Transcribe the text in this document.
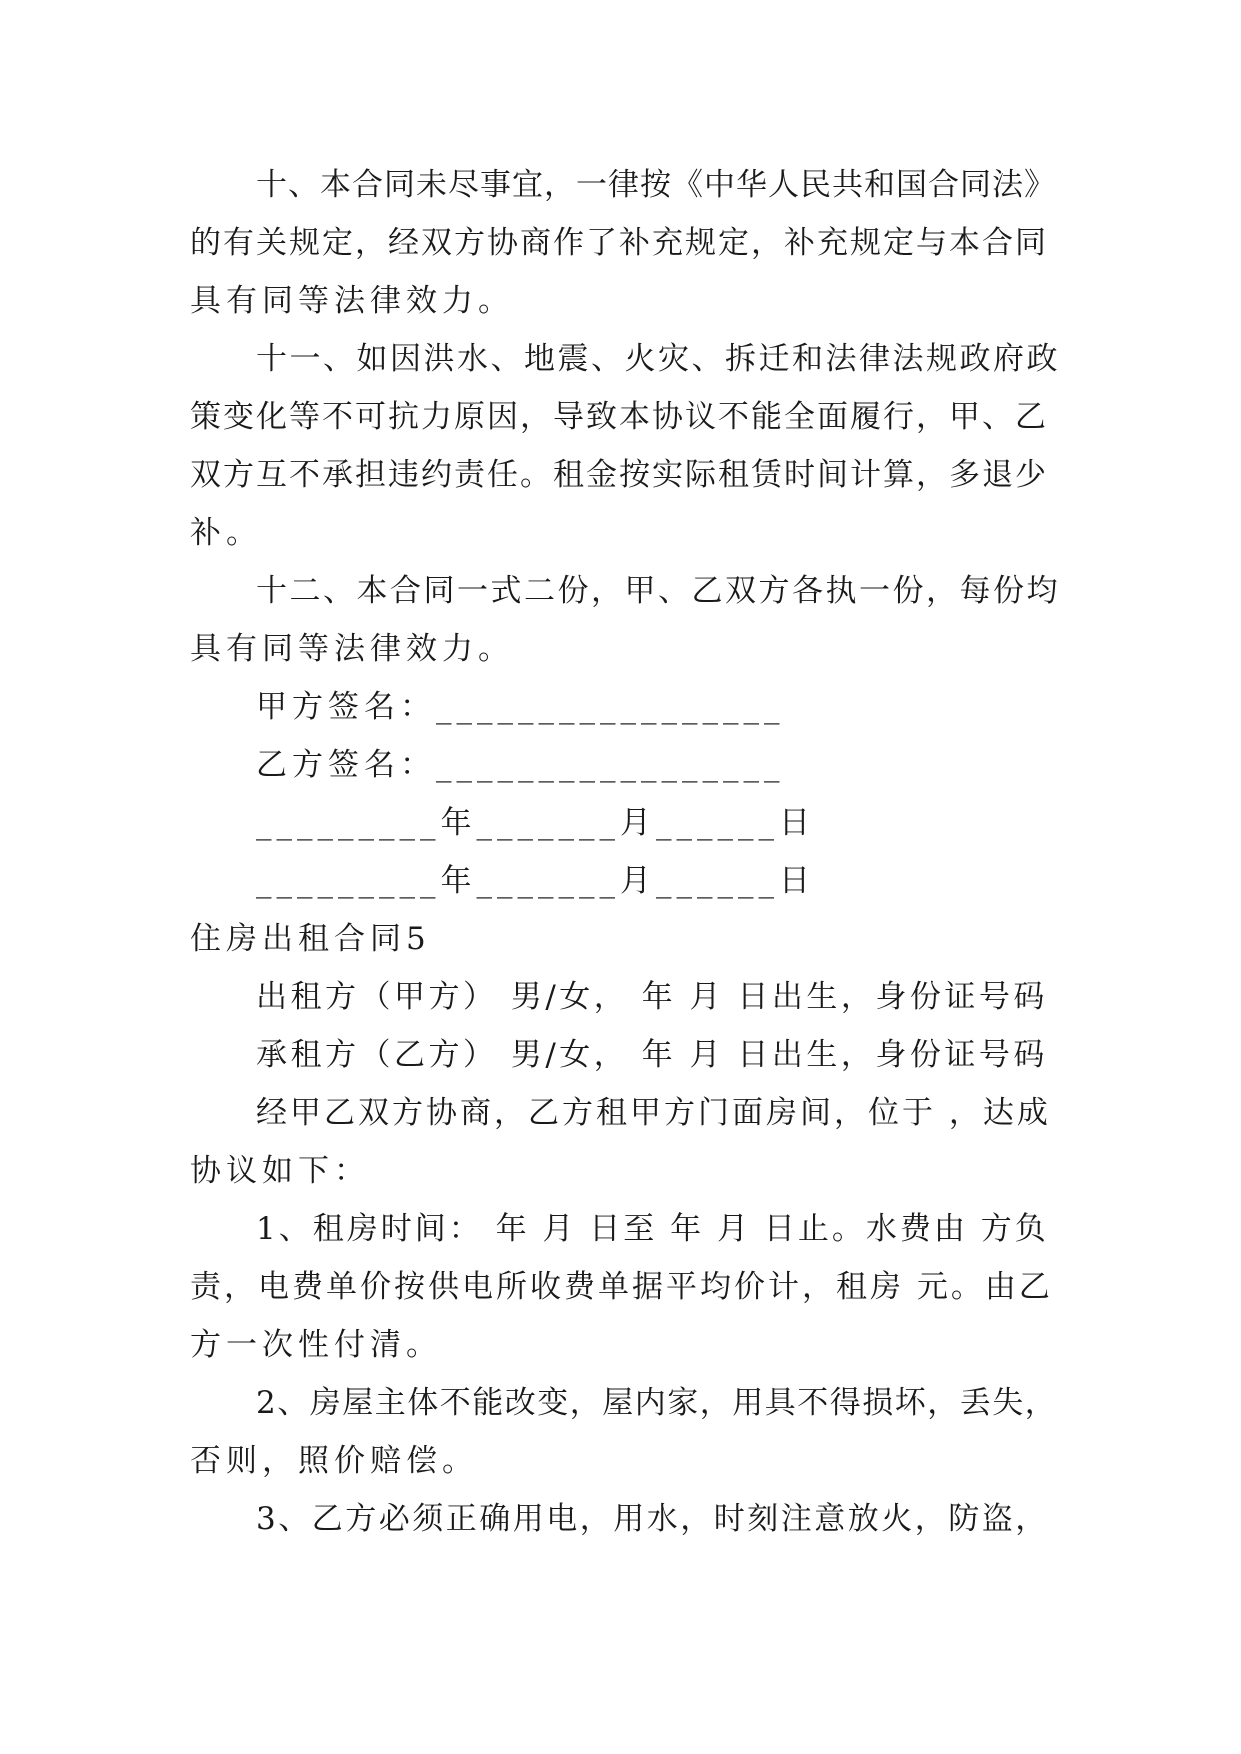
十、本合同未尽事宜，一律按《中华人民共和国合同法》
的有关规定，经双方协商作了补充规定，补充规定与本合同
具有同等法律效力。
十一、如因洪水、地震、火灾、拆迁和法律法规政府政
策变化等不可抗力原因，导致本协议不能全面履行，甲、乙
双方互不承担违约责任。租金按实际租赁时间计算，多退少
补。
十二、本合同一式二份，甲、乙双方各执一份，每份均
具有同等法律效力。
甲方签名：_________________
乙方签名：_________________
_________年_______月______日
_________年_______月______日
住房出租合同5
出租方（甲方） 男/女， 年 月 日出生，身份证号码
承租方（乙方） 男/女， 年 月 日出生，身份证号码
经甲乙双方协商，乙方租甲方门面房间，位于 ，达成
协议如下：
1、租房时间： 年 月 日至 年 月 日止。水费由 方负
责，电费单价按供电所收费单据平均价计，租房 元。由乙
方一次性付清。
2、房屋主体不能改变，屋内家，用具不得损坏，丢失，
否则，照价赔偿。
3、乙方必须正确用电，用水，时刻注意放火，防盗，
